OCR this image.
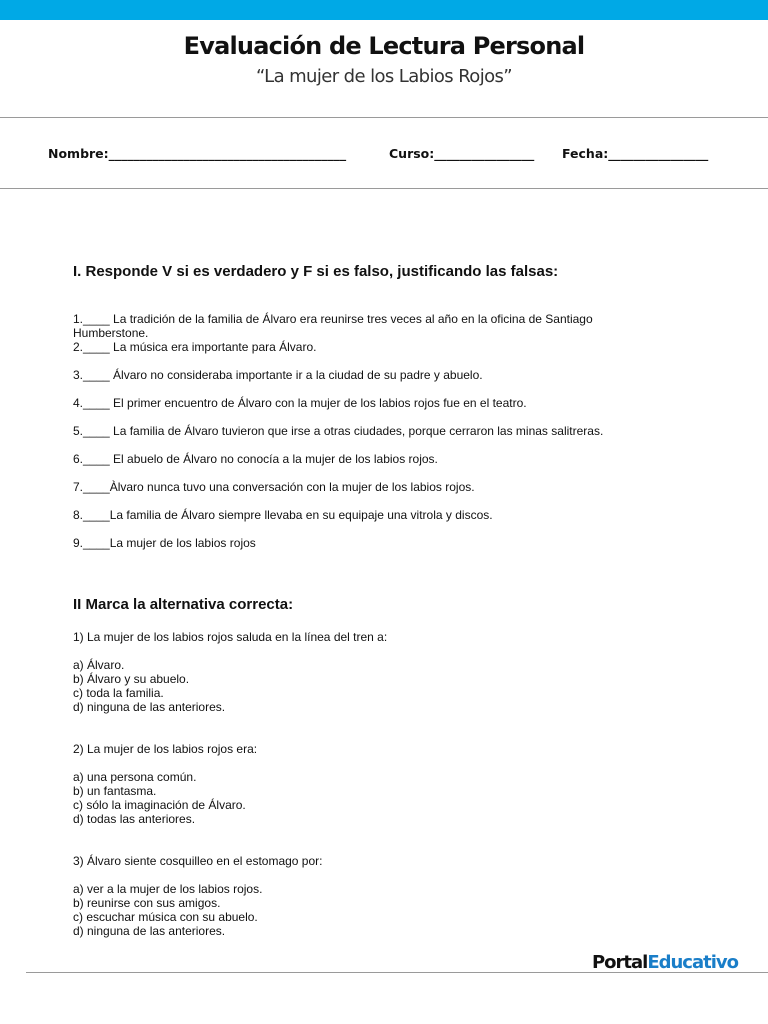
Evaluación de Lectura Personal
“La mujer de los Labios Rojos”
Nombre:______________________________________	Curso:________________ Fecha:________________
I. Responde V si es verdadero y F si es falso, justificando las falsas:
1.____ La tradición de la familia de Álvaro era reunirse tres veces al año en la oficina de Santiago
Humberstone.
2.____ La música era importante para Álvaro.
3.____ Álvaro no consideraba importante ir a la ciudad de su padre y abuelo.
4.____ El primer encuentro de Álvaro con la mujer de los labios rojos fue en el teatro.
5.____ La familia de Álvaro tuvieron que irse a otras ciudades, porque cerraron las minas salitreras.
6.____ El abuelo de Álvaro no conocía a la mujer de los labios rojos.
7.____Àlvaro nunca tuvo una conversación con la mujer de los labios rojos.
8.____La familia de Álvaro siempre llevaba en su equipaje una vitrola y discos.
9.____La mujer de los labios rojos
II Marca la alternativa correcta:
1) La mujer de los labios rojos saluda en la línea del tren a:
a) Álvaro.
b) Álvaro y su abuelo.
c) toda la familia.
d) ninguna de las anteriores.
2) La mujer de los labios rojos era:
a) una persona común.
b) un fantasma.
c) sólo la imaginación de Álvaro.
d) todas las anteriores.
3) Álvaro siente cosquilleo en el estomago por:
a) ver a la mujer de los labios rojos.
b) reunirse con sus amigos.
c) escuchar música con su abuelo.
d) ninguna de las anteriores.
PortalEducativo
